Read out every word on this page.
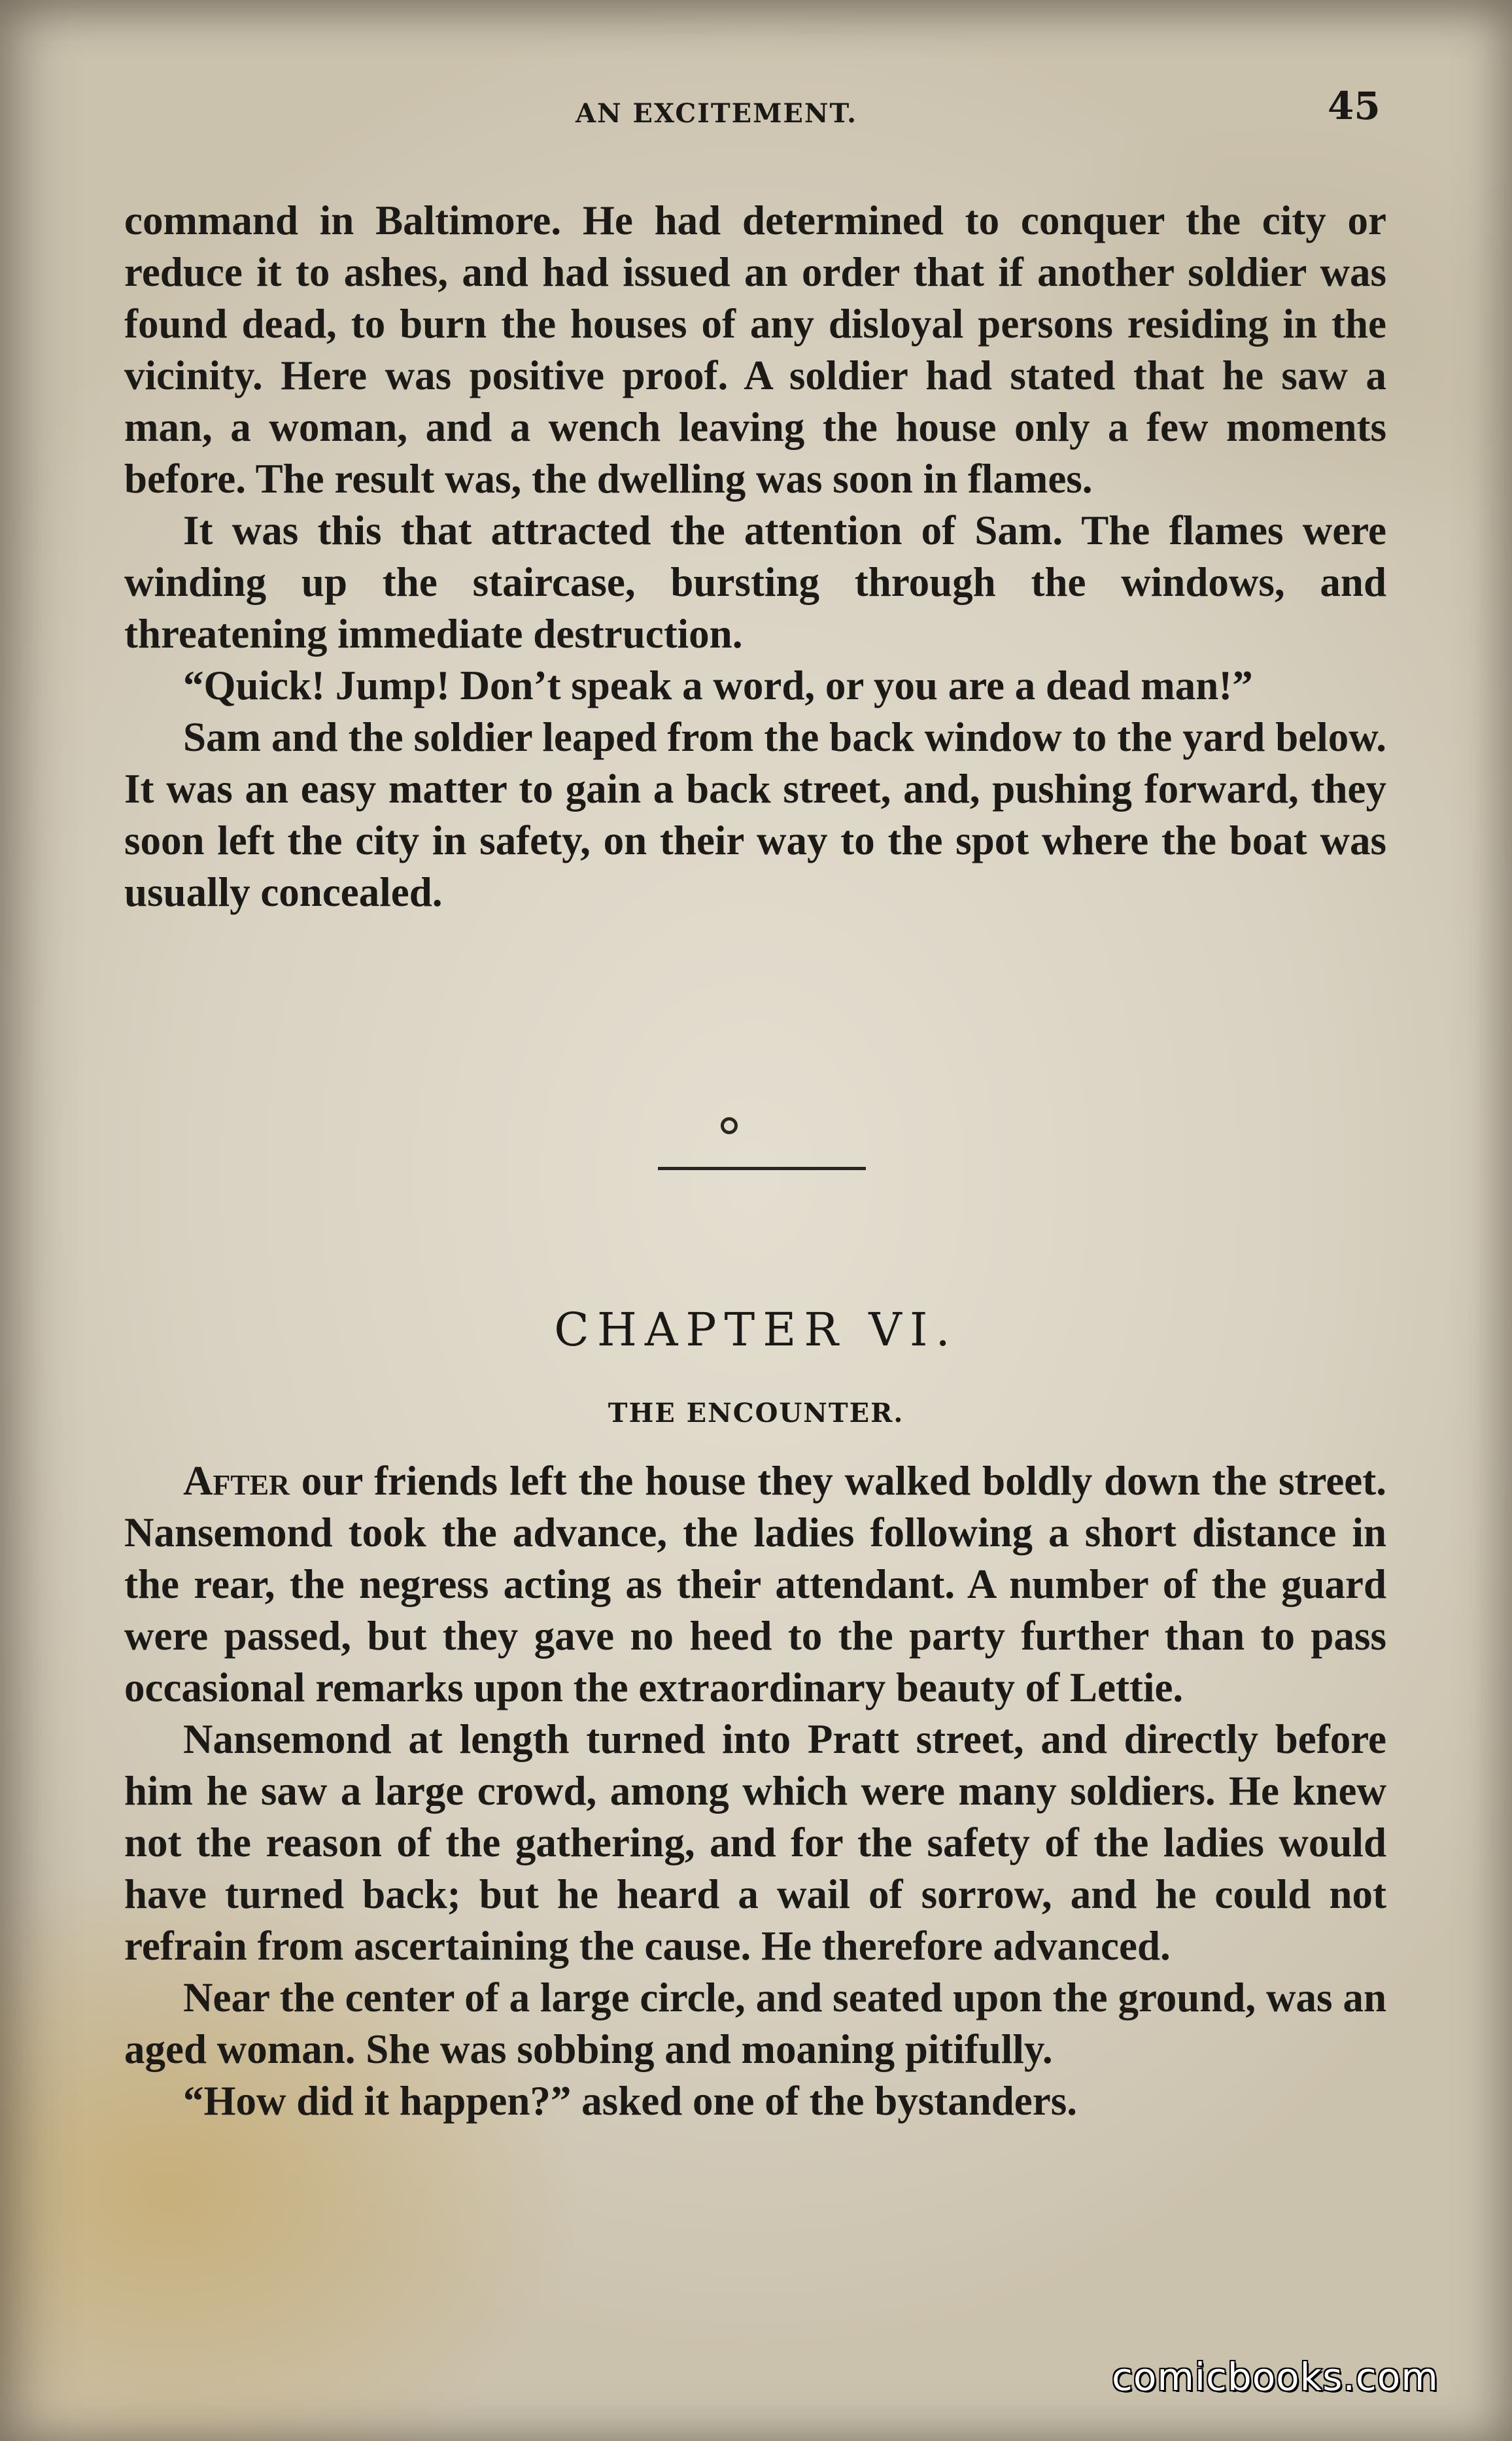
AN EXCITEMENT.	45

command in Baltimore. He had determined to conquer the city or reduce it to ashes, and had issued an order that if another soldier was found dead, to burn the houses of any disloyal persons residing in the vicinity. Here was positive proof. A soldier had stated that he saw a man, a woman, and a wench leaving the house only a few moments before. The result was, the dwelling was soon in flames.

It was this that attracted the attention of Sam. The flames were winding up the staircase, bursting through the windows, and threatening immediate destruction.

“Quick! Jump! Don’t speak a word, or you are a dead man!”

Sam and the soldier leaped from the back window to the yard below. It was an easy matter to gain a back street, and, pushing forward, they soon left the city in safety, on their way to the spot where the boat was usually concealed.

CHAPTER VI.
THE ENCOUNTER.

After our friends left the house they walked boldly down the street. Nansemond took the advance, the ladies following a short distance in the rear, the negress acting as their attendant. A number of the guard were passed, but they gave no heed to the party further than to pass occasional remarks upon the extraordinary beauty of Lettie.

Nansemond at length turned into Pratt street, and directly before him he saw a large crowd, among which were many soldiers. He knew not the reason of the gathering, and for the safety of the ladies would have turned back; but he heard a wail of sorrow, and he could not refrain from ascertaining the cause. He therefore advanced.

Near the center of a large circle, and seated upon the ground, was an aged woman. She was sobbing and moaning pitifully.

“How did it happen?” asked one of the bystanders.

comicbooks.com
